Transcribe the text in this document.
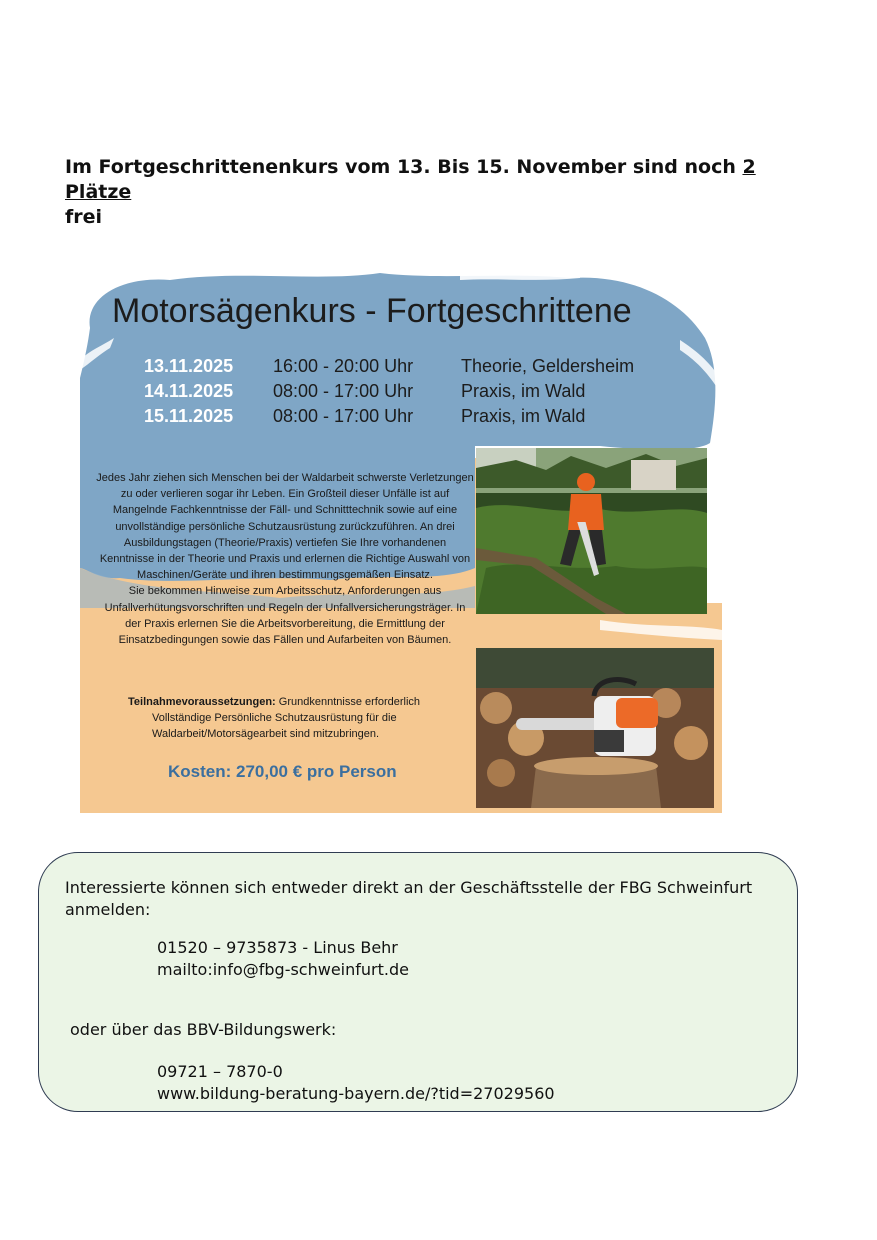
Im Fortgeschrittenenkurs vom 13. Bis 15. November sind noch 2 Plätze
frei
Motorsägenkurs - Fortgeschrittene
13.11.2025 16:00 - 20:00 Uhr	Theorie, Geldersheim
14.11.2025 08:00 - 17:00 Uhr	Praxis, im Wald
15.11.2025 08:00 - 17:00 Uhr	Praxis, im Wald

Jedes Jahr ziehen sich Menschen bei der Waldarbeit schwerste Verletzungen zu oder verlieren sogar ihr Leben. Ein Großteil dieser Unfälle ist auf Mangelnde Fachkenntnisse der Fäll- und Schnitttechnik sowie auf eine unvollständige persönliche Schutzausrüstung zurückzuführen. An drei Ausbildungstagen (Theorie/Praxis) vertiefen Sie Ihre vorhandenen Kenntnisse in der Theorie und Praxis und erlernen die Richtige Auswahl von Maschinen/Geräte und ihren bestimmungsgemäßen Einsatz.

Sie bekommen Hinweise zum Arbeitsschutz, Anforderungen aus Unfallverhütungsvorschriften und Regeln der Unfallversicherungsträger. In der Praxis erlernen Sie die Arbeitsvorbereitung, die Ermittlung der Einsatzbedingungen sowie das Fällen und Aufarbeiten von Bäumen.

Teilnahmevoraussetzungen: Grundkenntnisse erforderlich
Vollständige Persönliche Schutzausrüstung für die
Waldarbeit/Motorsägearbeit sind mitzubringen.
Kosten: 270,00 € pro Person
Interessierte können sich entweder direkt an der Geschäftsstelle der FBG Schweinfurt
anmelden:
01520 – 9735873 - Linus Behr
mailto:info@fbg-schweinfurt.de
oder über das BBV-Bildungswerk:
09721 – 7870-0
www.bildung-beratung-bayern.de/?tid=27029560
